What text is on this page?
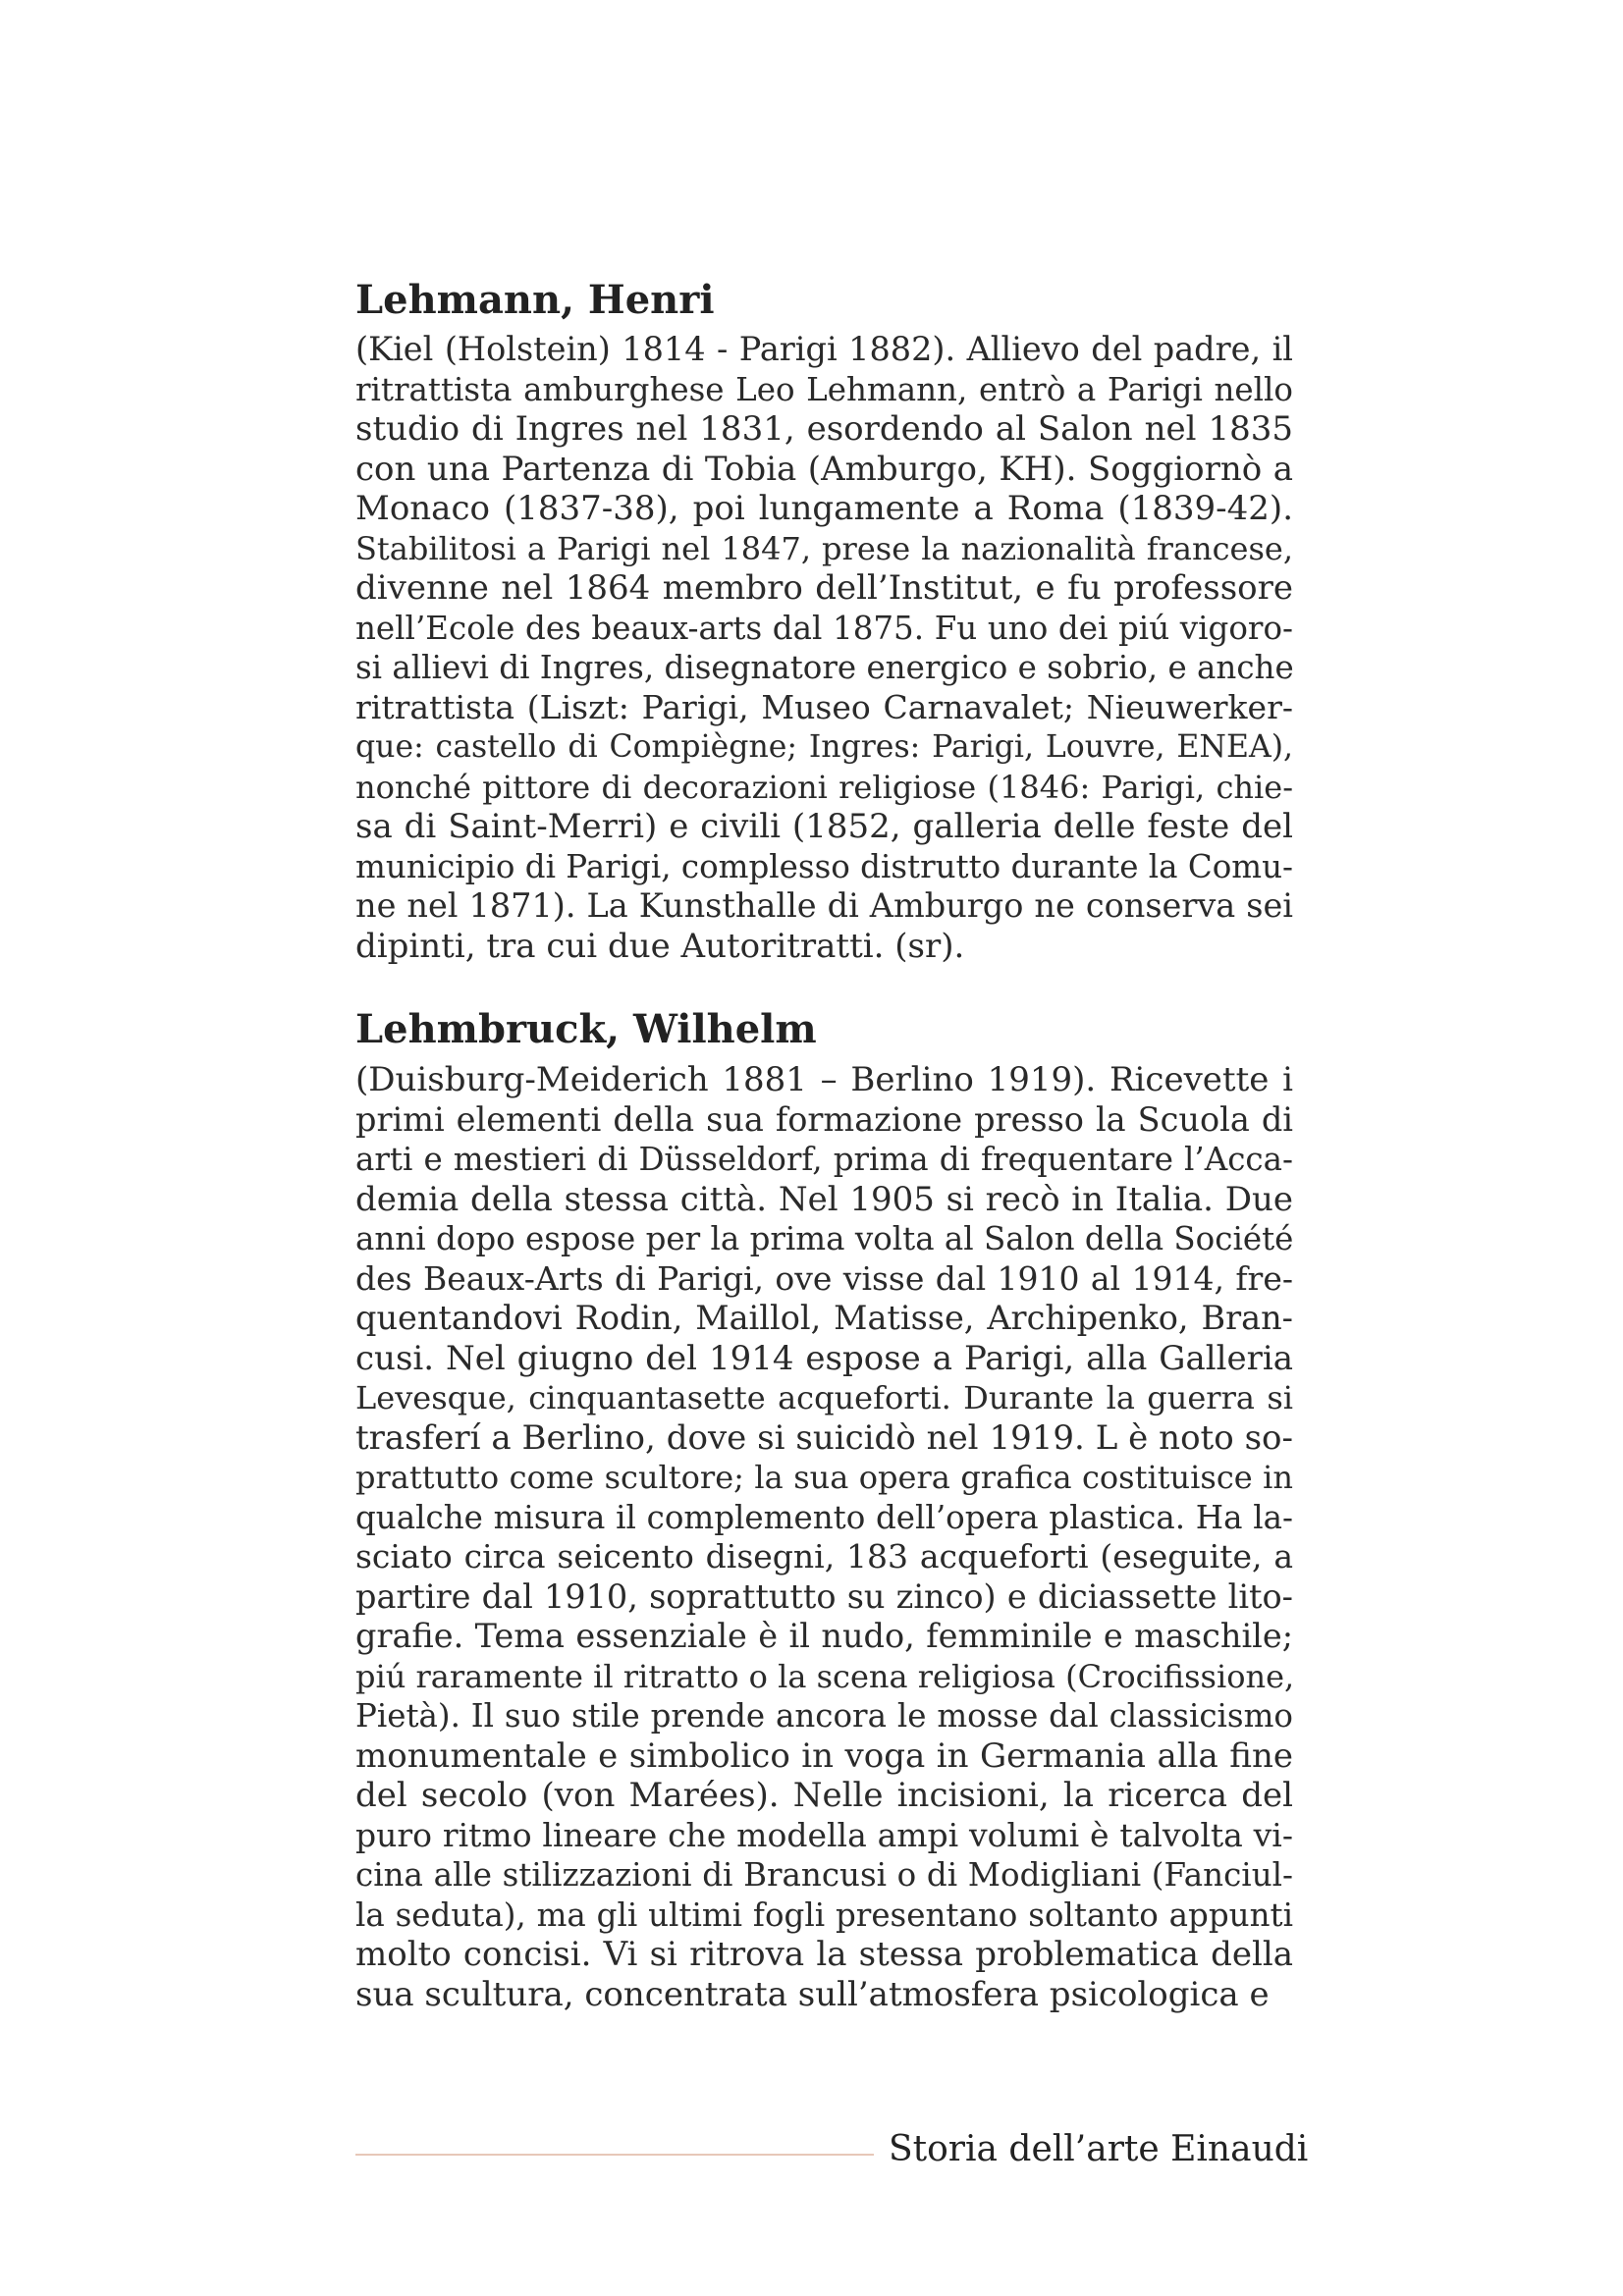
Lehmann, Henri
(Kiel (Holstein) 1814 - Parigi 1882). Allievo del padre, il
ritrattista amburghese Leo Lehmann, entrò a Parigi nello
studio di Ingres nel 1831, esordendo al Salon nel 1835
con una Partenza di Tobia (Amburgo, KH). Soggiornò a
Monaco (1837-38), poi lungamente a Roma (1839-42).
Stabilitosi a Parigi nel 1847, prese la nazionalità francese,
divenne nel 1864 membro dell’Institut, e fu professore
nell’Ecole des beaux-arts dal 1875. Fu uno dei piú vigoro-
si allievi di Ingres, disegnatore energico e sobrio, e anche
ritrattista (Liszt: Parigi, Museo Carnavalet; Nieuwerker-
que: castello di Compiègne; Ingres: Parigi, Louvre, ENEA),
nonché pittore di decorazioni religiose (1846: Parigi, chie-
sa di Saint-Merri) e civili (1852, galleria delle feste del
municipio di Parigi, complesso distrutto durante la Comu-
ne nel 1871). La Kunsthalle di Amburgo ne conserva sei
dipinti, tra cui due Autoritratti. (sr).
Lehmbruck, Wilhelm
(Duisburg-Meiderich 1881 – Berlino 1919). Ricevette i
primi elementi della sua formazione presso la Scuola di
arti e mestieri di Düsseldorf, prima di frequentare l’Acca-
demia della stessa città. Nel 1905 si recò in Italia. Due
anni dopo espose per la prima volta al Salon della Société
des Beaux-Arts di Parigi, ove visse dal 1910 al 1914, fre-
quentandovi Rodin, Maillol, Matisse, Archipenko, Bran-
cusi. Nel giugno del 1914 espose a Parigi, alla Galleria
Levesque, cinquantasette acqueforti. Durante la guerra si
trasferí a Berlino, dove si suicidò nel 1919. L è noto so-
prattutto come scultore; la sua opera grafica costituisce in
qualche misura il complemento dell’opera plastica. Ha la-
sciato circa seicento disegni, 183 acqueforti (eseguite, a
partire dal 1910, soprattutto su zinco) e diciassette lito-
grafie. Tema essenziale è il nudo, femminile e maschile;
piú raramente il ritratto o la scena religiosa (Crocifissione,
Pietà). Il suo stile prende ancora le mosse dal classicismo
monumentale e simbolico in voga in Germania alla fine
del secolo (von Marées). Nelle incisioni, la ricerca del
puro ritmo lineare che modella ampi volumi è talvolta vi-
cina alle stilizzazioni di Brancusi o di Modigliani (Fanciul-
la seduta), ma gli ultimi fogli presentano soltanto appunti
molto concisi. Vi si ritrova la stessa problematica della
sua scultura, concentrata sull’atmosfera psicologica e
Storia dell’arte Einaudi
